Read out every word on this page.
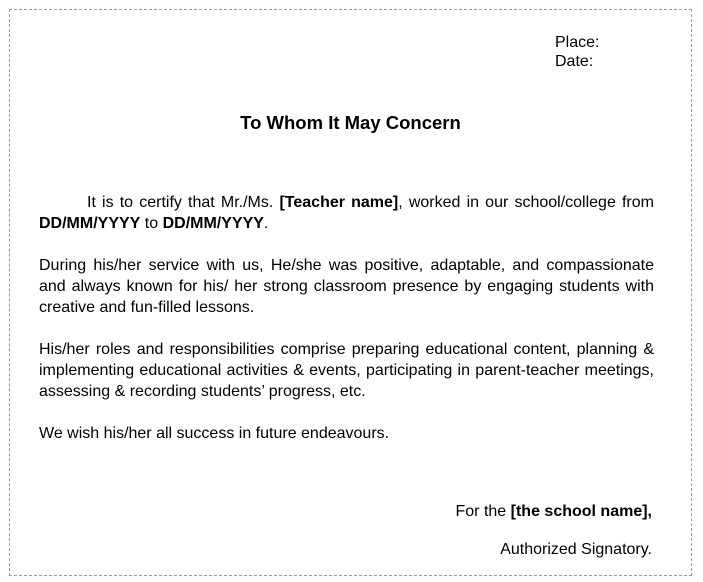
Place:
Date:
To Whom It May Concern
It is to certify that Mr./Ms. [Teacher name], worked in our school/college from DD/MM/YYYY to DD/MM/YYYY.
During his/her service with us, He/she was positive, adaptable, and compassionate and always known for his/ her strong classroom presence by engaging students with creative and fun-filled lessons.
His/her roles and responsibilities comprise preparing educational content, planning & implementing educational activities & events, participating in parent-teacher meetings, assessing & recording students’ progress, etc.
We wish his/her all success in future endeavours.
For the [the school name],
Authorized Signatory.
